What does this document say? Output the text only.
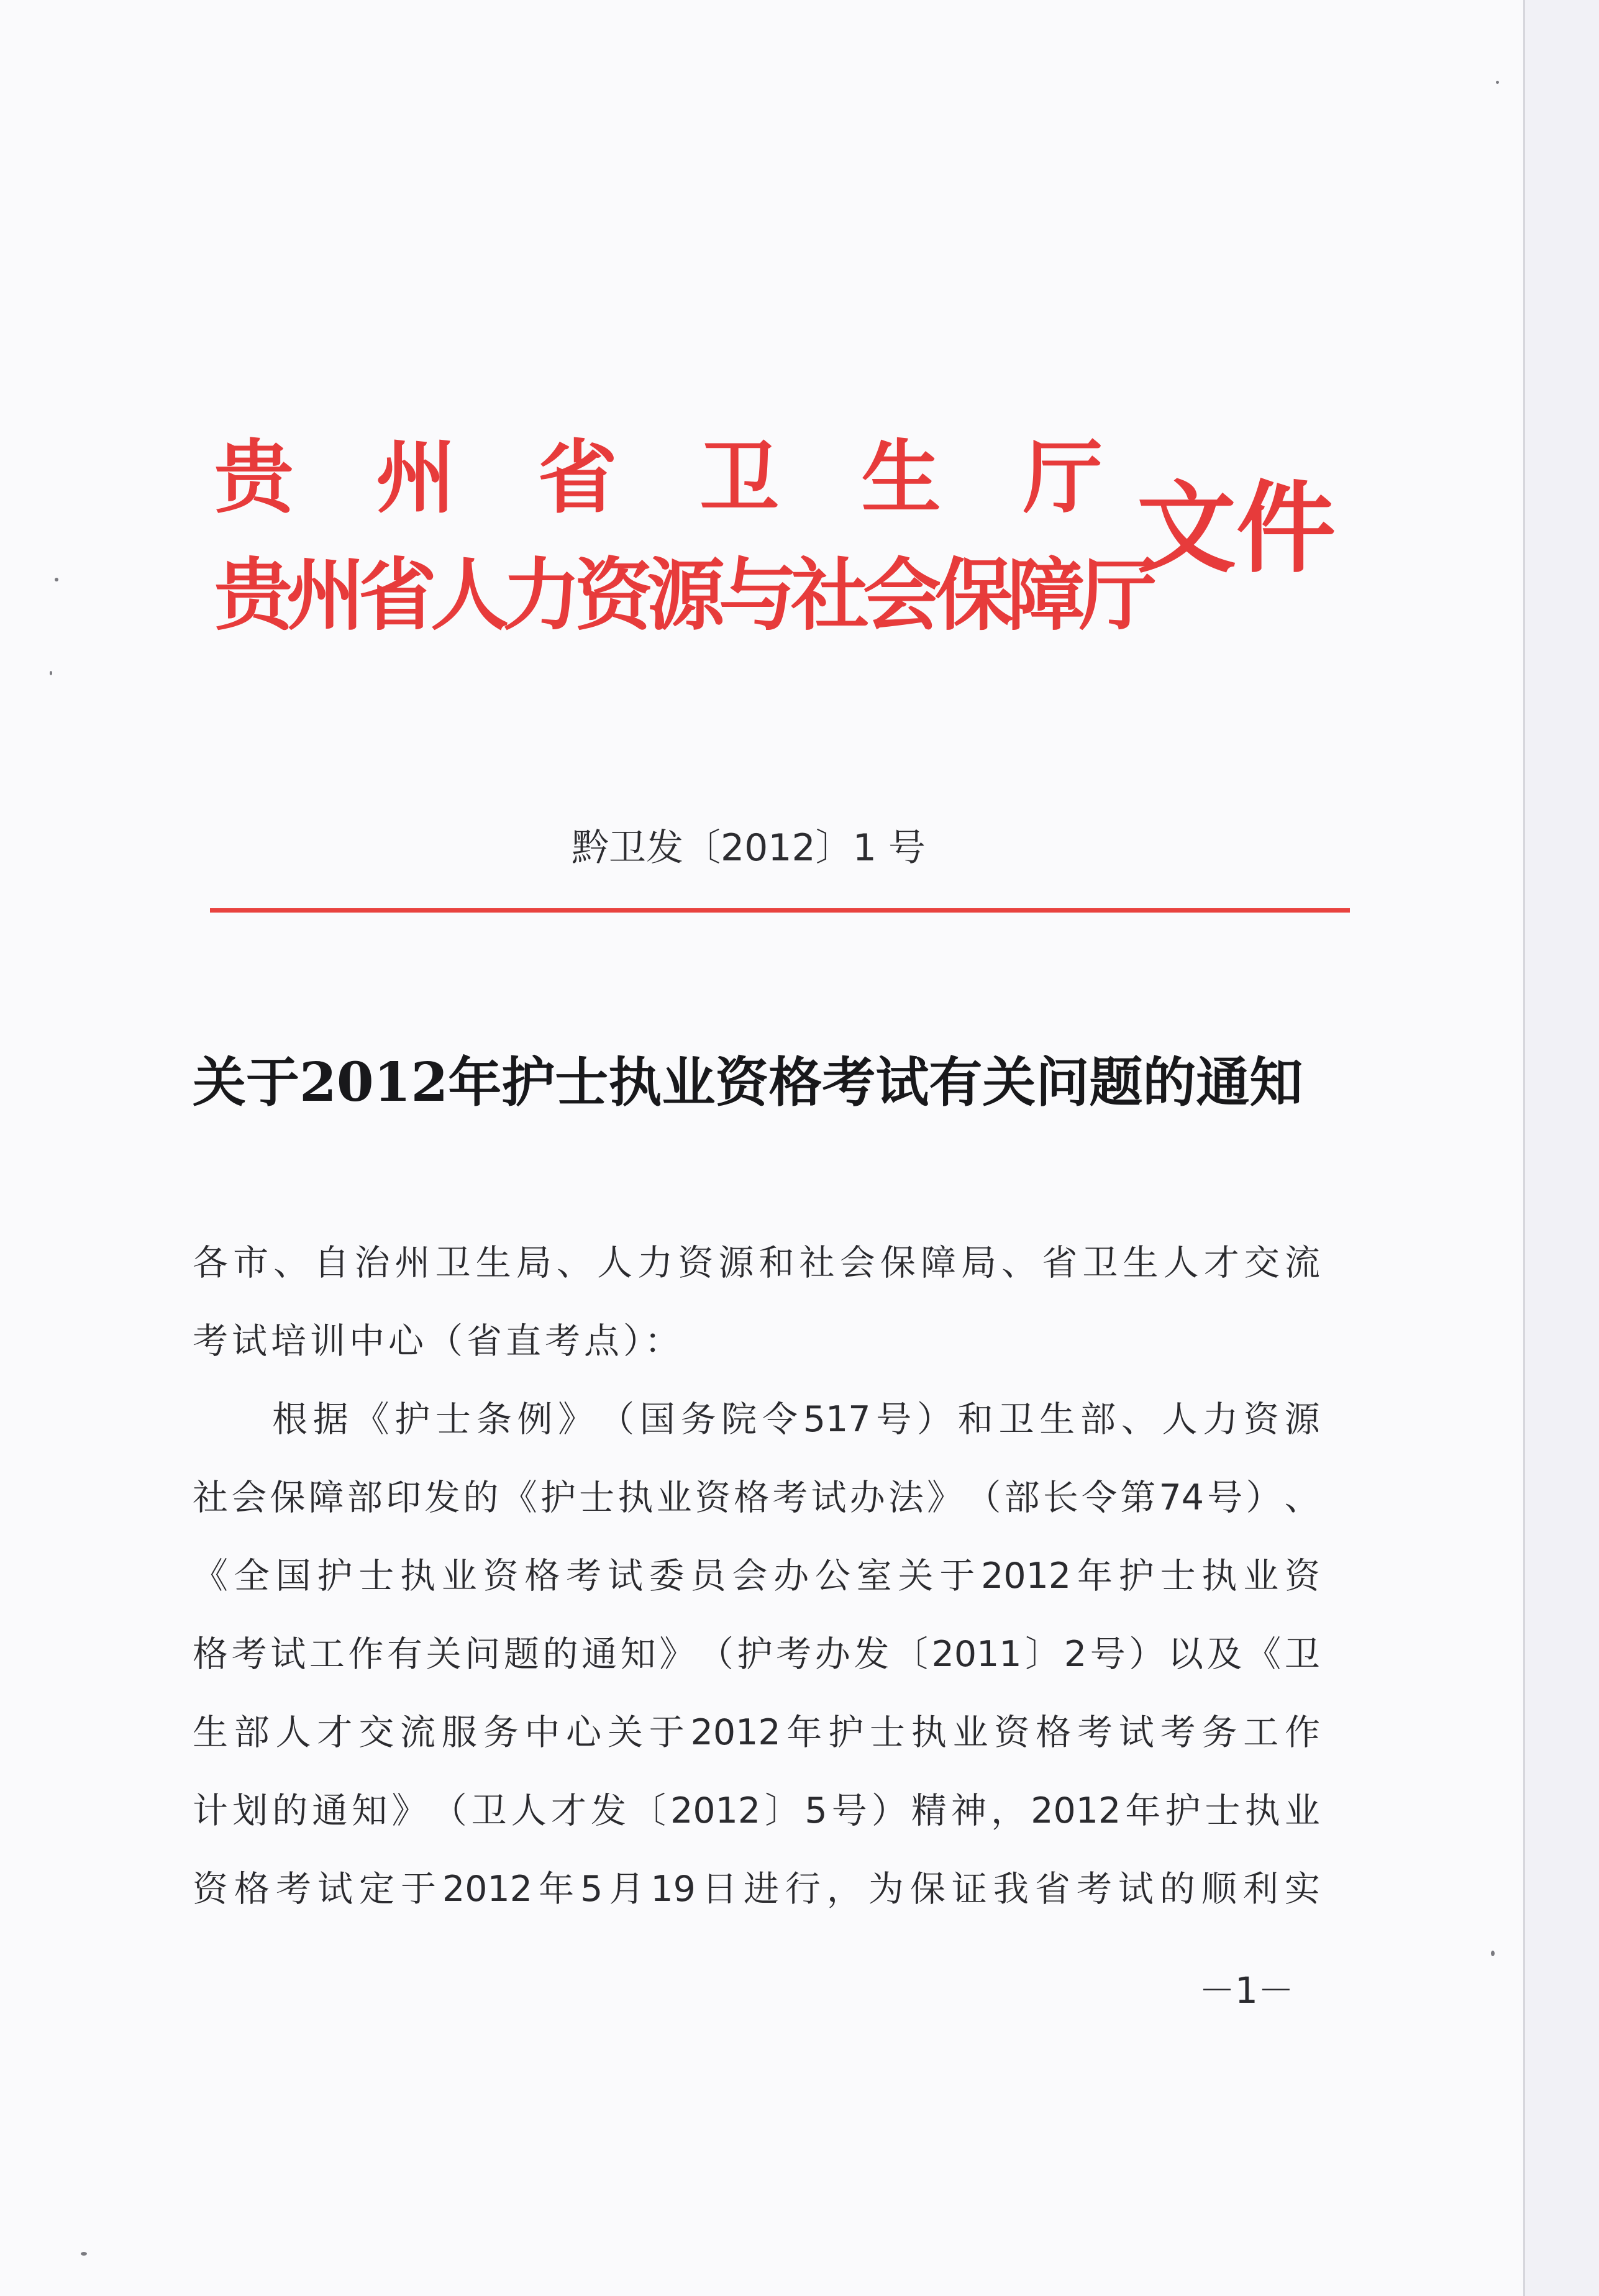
贵 州 省 卫 生 厅
贵州省人力资源与社会保障厅
文件
黔卫发〔2012〕1 号
关于2012年护士执业资格考试有关问题的通知
各 市 、 自 治 州 卫 生 局 、 人 力 资 源 和 社 会 保 障 局 、 省 卫 生 人 才 交 流
考试培训中心（省直考点）：
根 据 《 护 士 条 例 》 （ 国 务 院 令 517 号 ） 和 卫 生 部 、 人 力 资 源
社 会 保 障 部 印 发 的 《 护 士 执 业 资 格 考 试 办 法 》 （ 部 长 令 第 74 号 ） 、
《 全 国 护 士 执 业 资 格 考 试 委 员 会 办 公 室 关 于 2012 年 护 士 执 业 资
格 考 试 工 作 有 关 问 题 的 通 知 》 （ 护 考 办 发 〔 2011 〕 2 号 ） 以 及 《 卫
生 部 人 才 交 流 服 务 中 心 关 于 2012 年 护 士 执 业 资 格 考 试 考 务 工 作
计 划 的 通 知 》 （ 卫 人 才 发 〔 2012 〕 5 号 ） 精 神 ， 2012 年 护 士 执 业
资 格 考 试 定 于 2012 年 5 月 19 日 进 行 ， 为 保 证 我 省 考 试 的 顺 利 实
－1－
